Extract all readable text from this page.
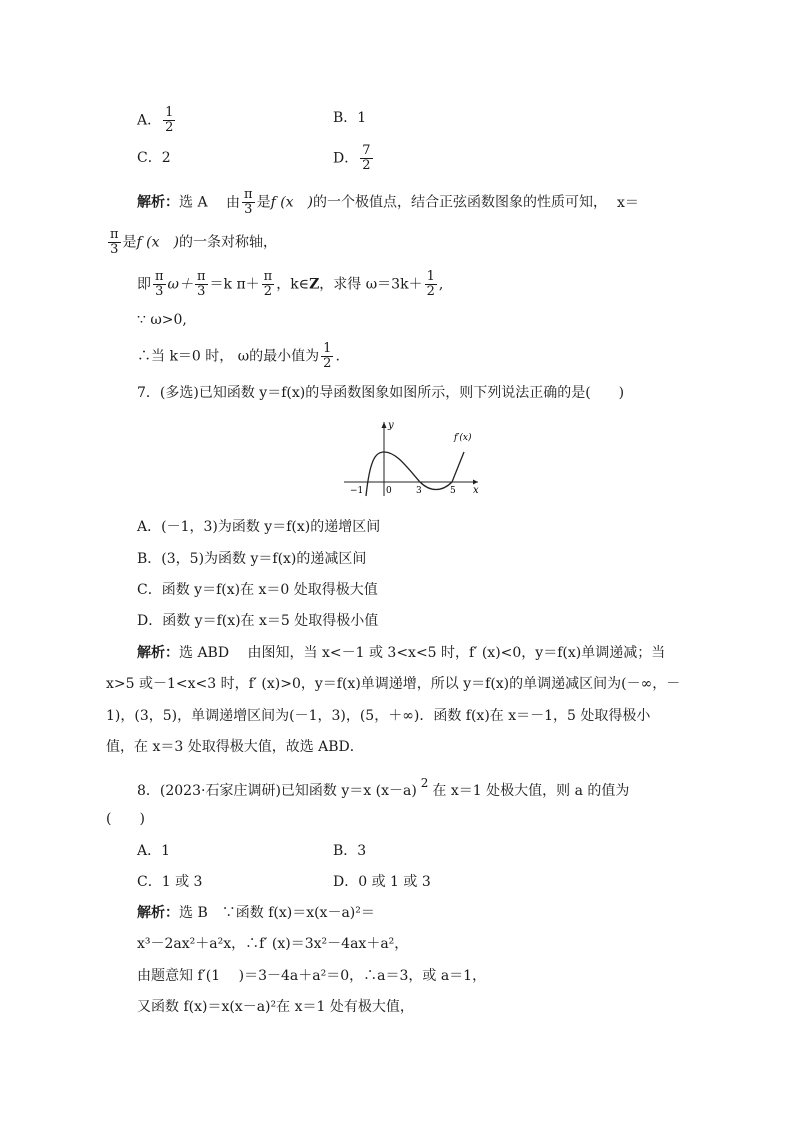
A． $\frac{1}{2}$	B．1
C．2	D． $\frac{7}{2}$
解析：选 A 由 $\frac{\pi}{3}$ 是f (x　)的一个极值点，结合正弦函数图象的性质可知， x＝
$\frac{\pi}{3}$ 是f (x　)的一条对称轴，
即 $\frac{\pi}{3} \omega+ \frac{\pi}{3} =k$ $\pi+ \frac{\pi}{2}$ ，k∈Z，求得 $\omega=3k+ \frac{1}{2}$ ,
∵ ω>0,
∴当 k＝0 时， ω的最小值为 $\frac{1}{2}$ .
7．(多选)已知函数 y＝f(x)的导函数图象如图所示，则下列说法正确的是(　　)
y
x
f′(x)
−1	0	3	5
A．(－1，3)为函数 y＝f(x)的递增区间
B．(3，5)为函数 y＝f(x)的递减区间
C．函数 y＝f(x)在 x＝0 处取得极大值
D．函数 y＝f(x)在 x＝5 处取得极小值
解析：选 ABD　 由图知，当 x<－1 或 3<x<5 时，f′ (x)<0，y＝f(x)单调递减；当
x>5 或－1<x<3 时，f′ (x)>0，y＝f(x)单调递增，所以 y＝f(x)的单调递减区间为(－∞，－
1)，(3，5)，单调递增区间为(－1，3)，(5，＋∞)．函数 f(x)在 x＝－1，5 处取得极小
值，在 x＝3 处取得极大值，故选 ABD．
8．(2023·石家庄调研)已知函数 y＝x (x－a) $^2$ 在 x＝1 处极大值，则 a 的值为
(　　)
A．1	B．3
C．1 或 3	D．0 或 1 或 3
解析：选 B　∵函数 f(x)＝x(x－a)²＝
x³－2ax²＋a²x，∴f′ (x)＝3x²－4ax＋a²，
由题意知 f′(1　 )＝3－4a＋a²＝0，∴a＝3，或 a＝1，
又函数 f(x)＝x(x－a)²在 x＝1 处有极大值，
